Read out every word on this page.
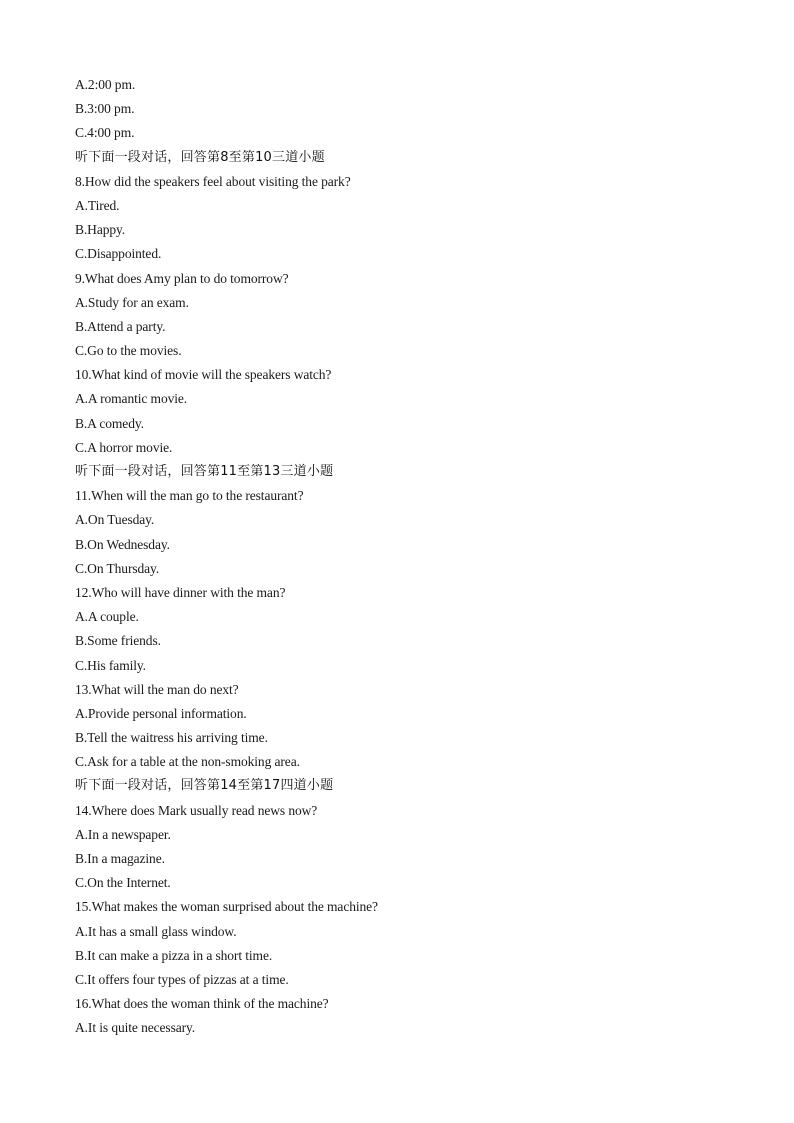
A.2:00 pm.
B.3:00 pm.
C.4:00 pm.
听下面一段对话，回答第8至第10三道小题
8.How did the speakers feel about visiting the park?
A.Tired.
B.Happy.
C.Disappointed.
9.What does Amy plan to do tomorrow?
A.Study for an exam.
B.Attend a party.
C.Go to the movies.
10.What kind of movie will the speakers watch?
A.A romantic movie.
B.A comedy.
C.A horror movie.
听下面一段对话，回答第11至第13三道小题
11.When will the man go to the restaurant?
A.On Tuesday.
B.On Wednesday.
C.On Thursday.
12.Who will have dinner with the man?
A.A couple.
B.Some friends.
C.His family.
13.What will the man do next?
A.Provide personal information.
B.Tell the waitress his arriving time.
C.Ask for a table at the non-smoking area.
听下面一段对话，回答第14至第17四道小题
14.Where does Mark usually read news now?
A.In a newspaper.
B.In a magazine.
C.On the Internet.
15.What makes the woman surprised about the machine?
A.It has a small glass window.
B.It can make a pizza in a short time.
C.It offers four types of pizzas at a time.
16.What does the woman think of the machine?
A.It is quite necessary.
